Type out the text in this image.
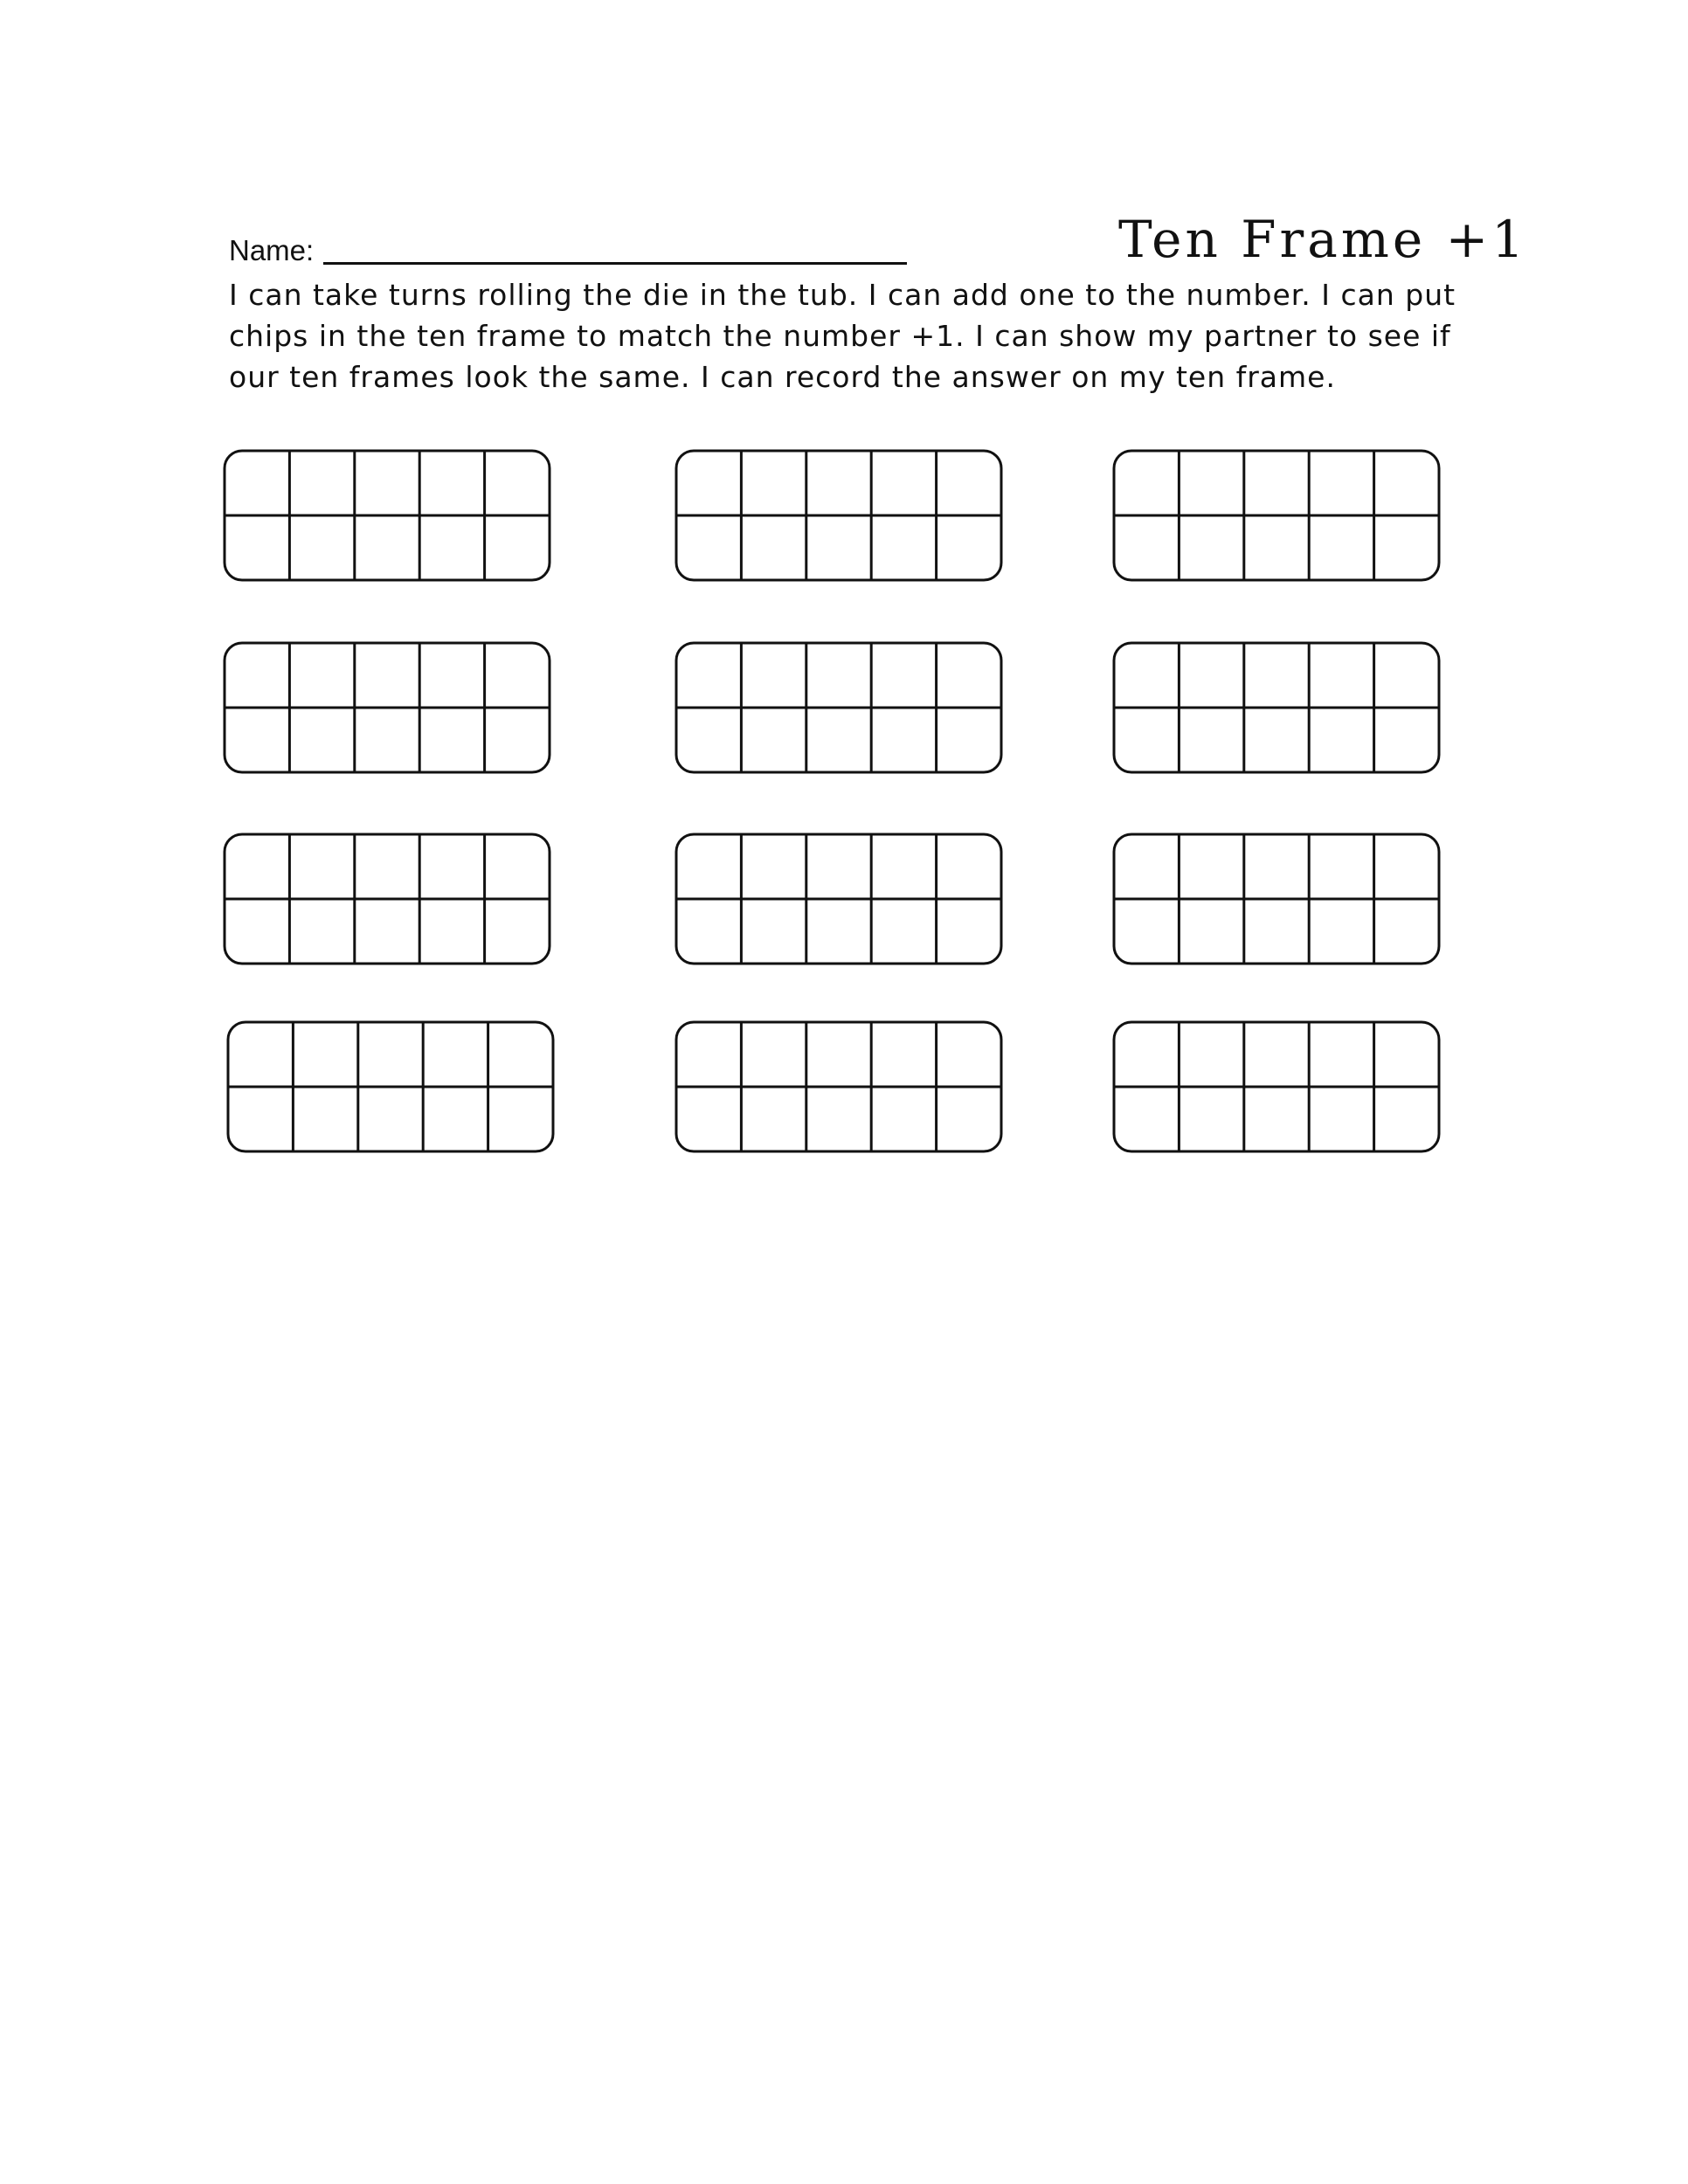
Name:	Ten Frame +1
I can take turns rolling the die in the tub. I can add one to the number. I can put
chips in the ten frame to match the number +1. I can show my partner to see if
our ten frames look the same. I can record the answer on my ten frame.
